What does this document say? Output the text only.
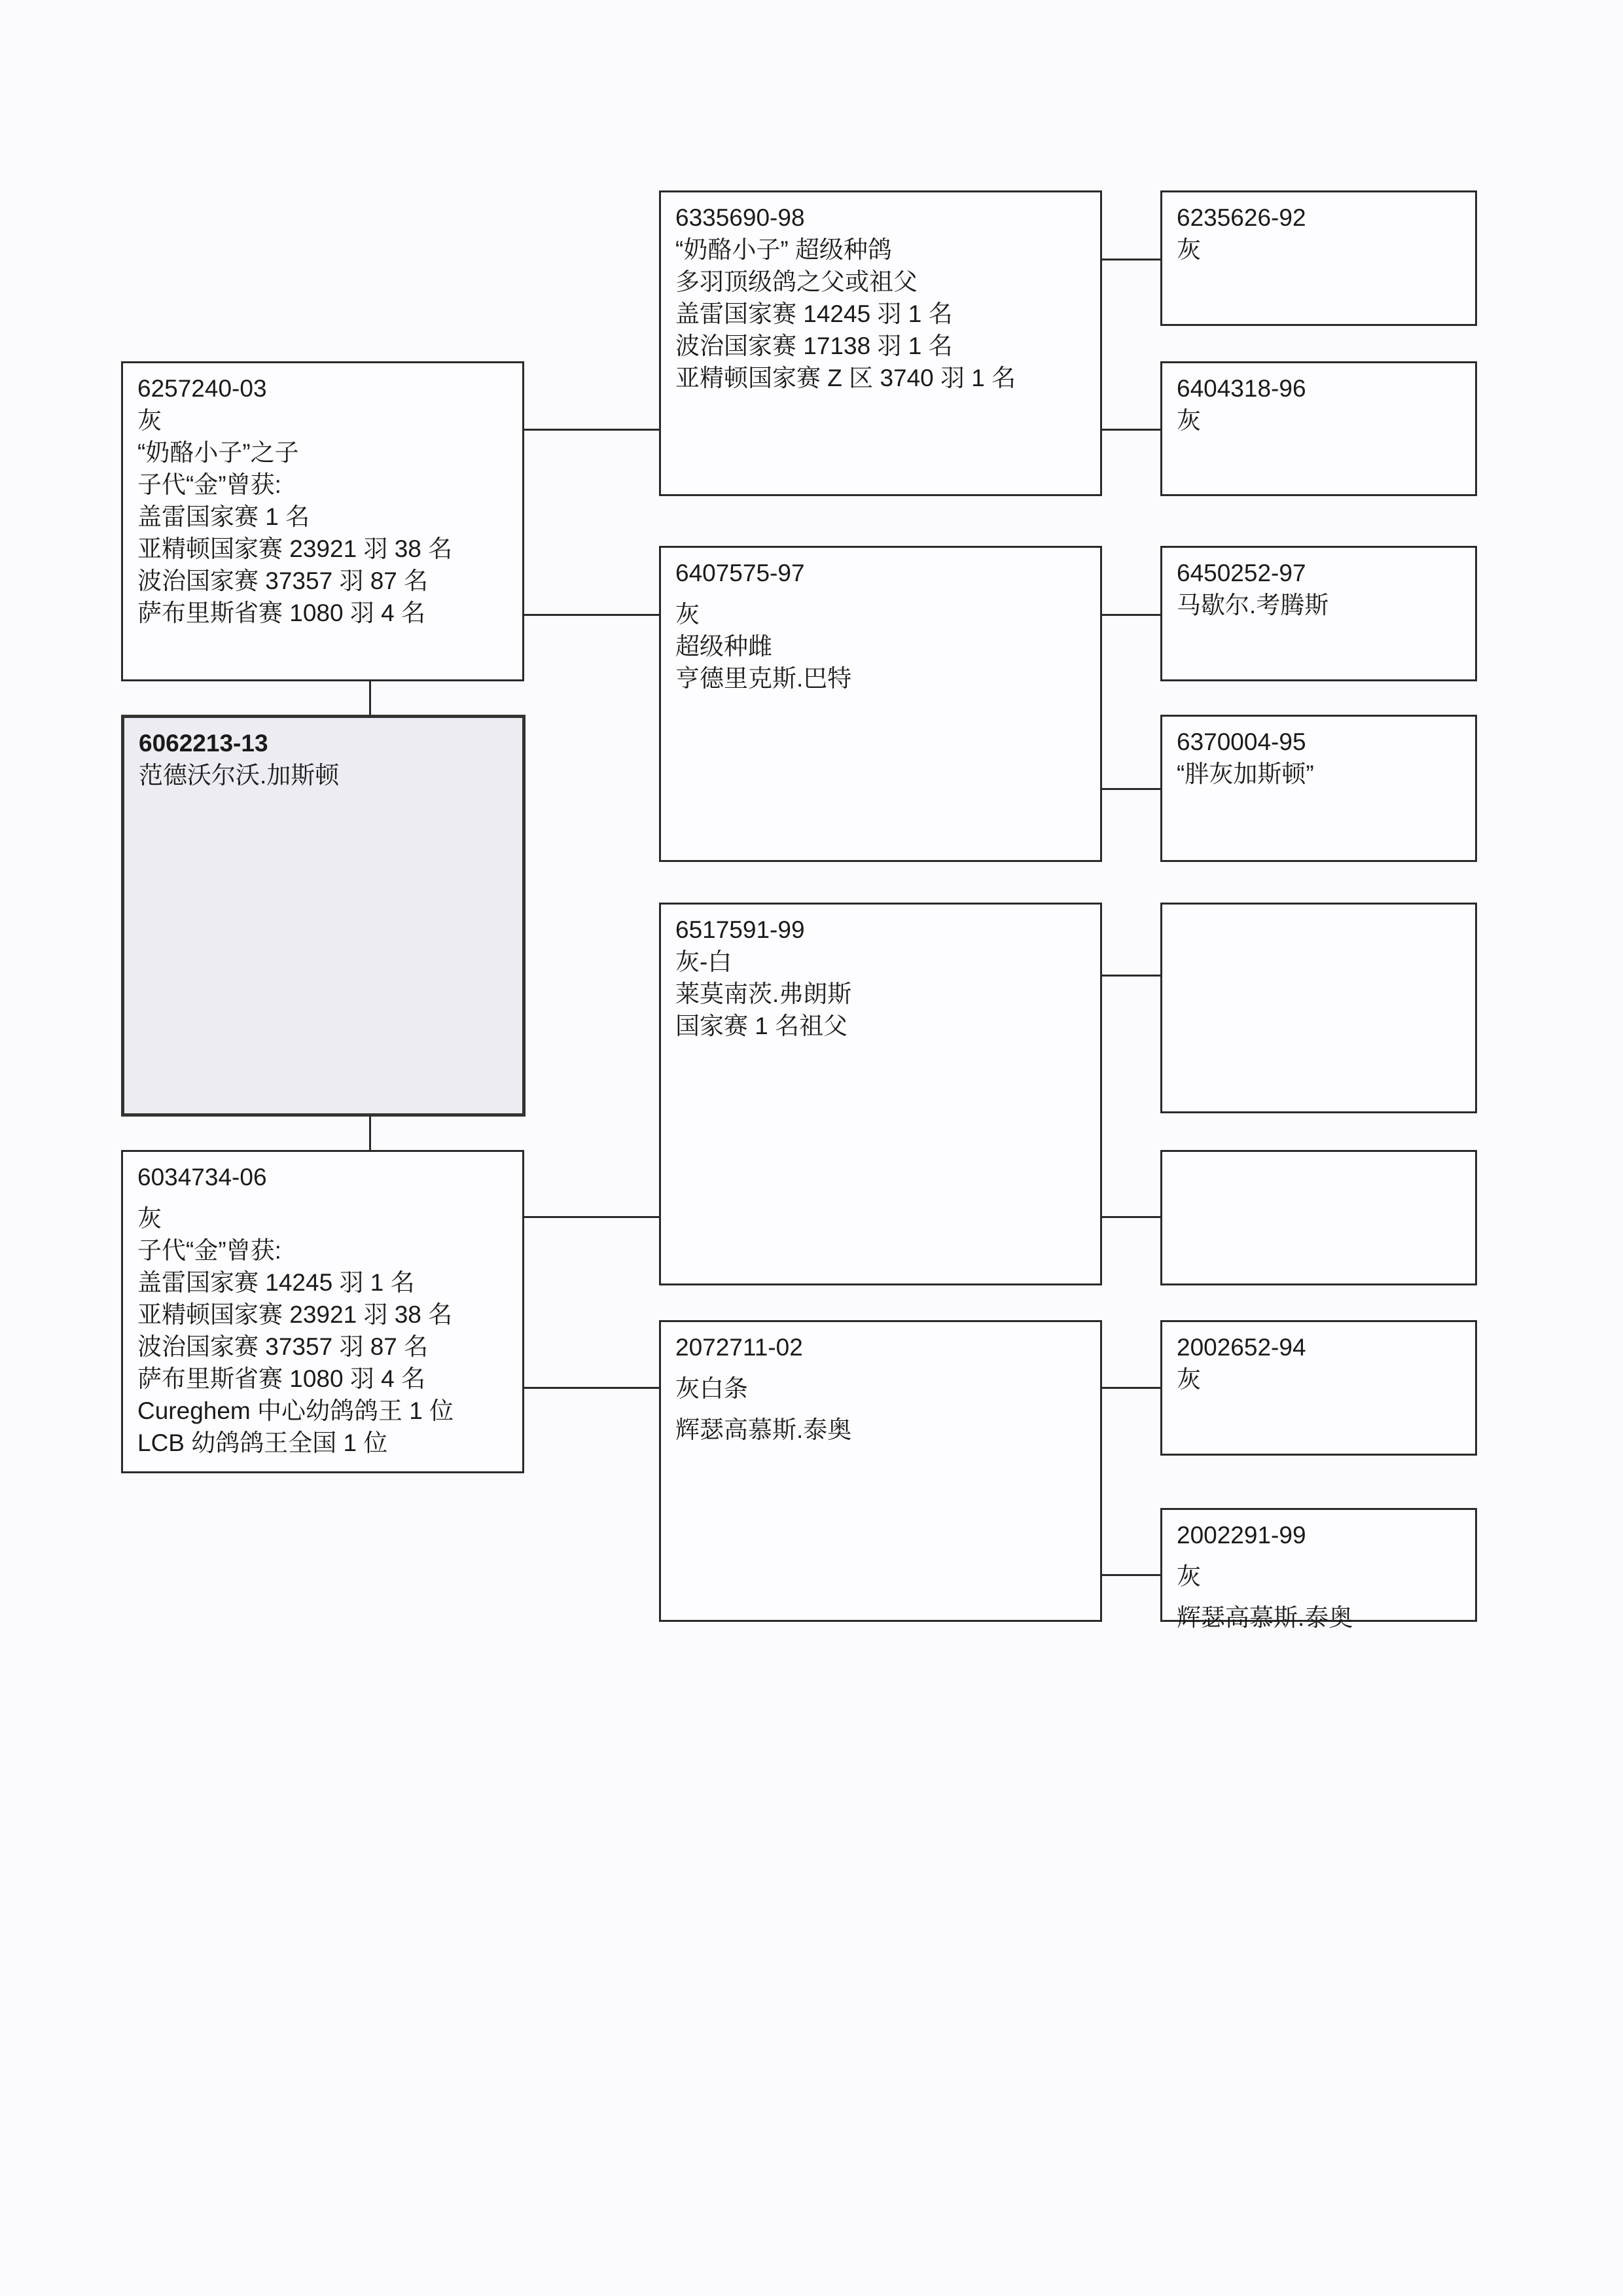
6257240-03
灰
“奶酪小子”之子
子代“金”曾获:
盖雷国家赛 1 名
亚精顿国家赛 23921 羽 38 名
波治国家赛 37357 羽 87 名
萨布里斯省赛 1080 羽 4 名
6062213-13
范德沃尔沃.加斯顿
6034734-06
灰
子代“金”曾获:
盖雷国家赛 14245 羽 1 名
亚精顿国家赛 23921 羽 38 名
波治国家赛 37357 羽 87 名
萨布里斯省赛 1080 羽 4 名
Cureghem 中心幼鸽鸽王 1 位
LCB 幼鸽鸽王全国 1 位
6335690-98
“奶酪小子” 超级种鸽
多羽顶级鸽之父或祖父
盖雷国家赛 14245 羽 1 名
波治国家赛 17138 羽 1 名
亚精顿国家赛 Z 区 3740 羽 1 名
6407575-97
灰
超级种雌
亨德里克斯.巴特
6517591-99
灰-白
莱莫南茨.弗朗斯
国家赛 1 名祖父
2072711-02
灰白条
辉瑟高慕斯.泰奥
6235626-92
灰
6404318-96
灰
6450252-97
马歇尔.考腾斯
6370004-95
“胖灰加斯顿”
2002652-94
灰
2002291-99
灰
辉瑟高慕斯.泰奥
